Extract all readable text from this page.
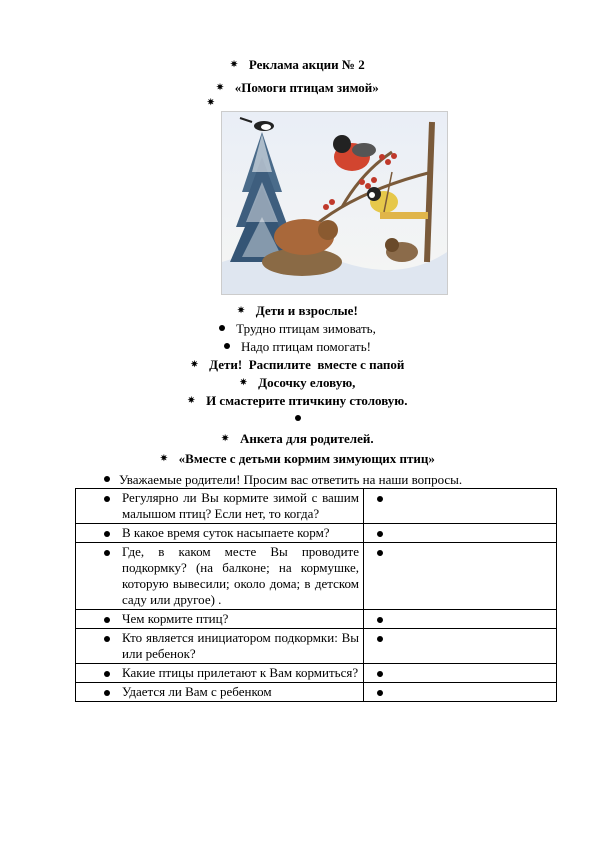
✷ Реклама акции № 2
✷ «Помоги птицам зимой»
✷
✷ Дети и взрослые!
Трудно птицам зимовать,
Надо птицам помогать!
✷ Дети!  Распилите  вместе с папой
✷ Досочку еловую,
✷ И смастерите птичкину столовую.
✷ Анкета для родителей.
✷ «Вместе с детьми кормим зимующих птиц»
Уважаемые родители! Просим вас ответить на наши вопросы.
Регулярно ли Вы кормите зимой с вашим малышом птиц? Если нет, то когда?	

В какое время суток насыпаете корм?	

Где, в каком месте Вы проводите подкормку? (на балконе; на кормушке, которую вывесили; около дома; в детском саду или другое) .	

Чем кормите птиц?	

Кто является инициатором подкормки: Вы или ребенок?	

Какие птицы прилетают к Вам кормиться?	

Удается ли Вам с ребенком	
